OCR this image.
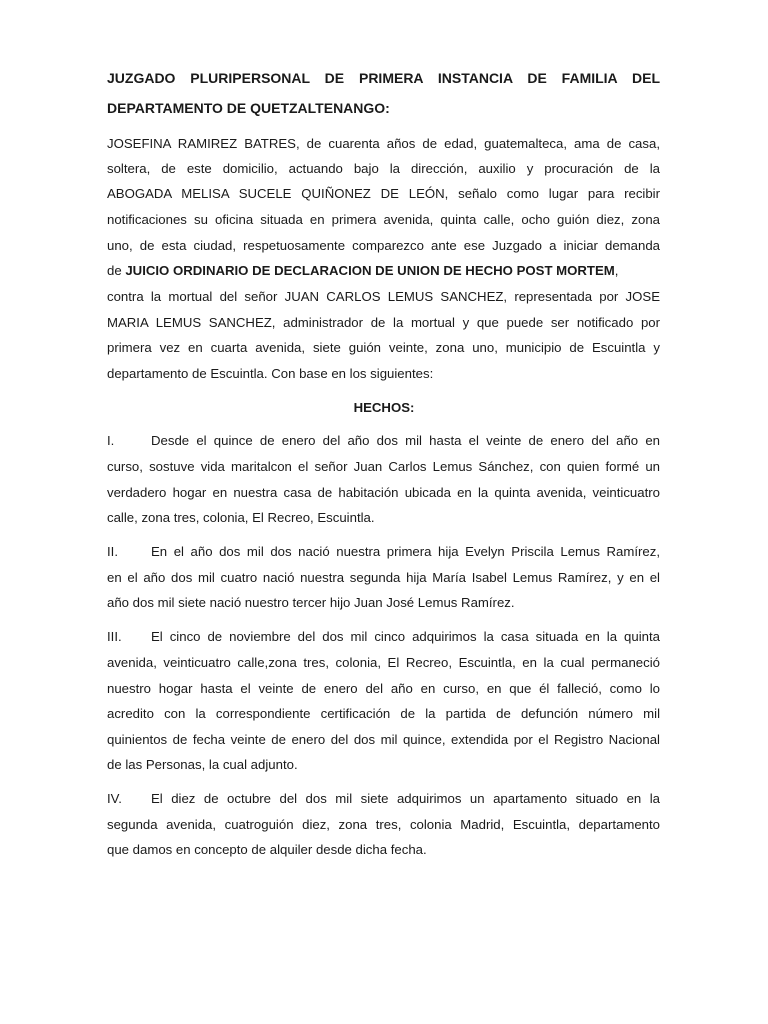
JUZGADO PLURIPERSONAL DE PRIMERA INSTANCIA DE FAMILIA DEL
DEPARTAMENTO DE QUETZALTENANGO:
JOSEFINA RAMIREZ BATRES, de cuarenta años de edad, guatemalteca, ama de casa,
soltera, de este domicilio, actuando bajo la dirección, auxilio y procuración de la
ABOGADA MELISA SUCELE QUIÑONEZ DE LEÓN, señalo como lugar para recibir
notificaciones su oficina situada en primera avenida, quinta calle, ocho guión diez, zona
uno, de esta ciudad, respetuosamente comparezco ante ese Juzgado a iniciar demanda
de JUICIO ORDINARIO DE DECLARACION DE UNION DE HECHO POST MORTEM,
contra la mortual del señor JUAN CARLOS LEMUS SANCHEZ, representada por JOSE
MARIA LEMUS SANCHEZ, administrador de la mortual y que puede ser notificado por
primera vez en cuarta avenida, siete guión veinte, zona uno, municipio de Escuintla y
departamento de Escuintla. Con base en los siguientes:
HECHOS:
I.	Desde el quince de enero del año dos mil hasta el veinte de enero del año en
curso, sostuve vida maritalcon el señor Juan Carlos Lemus Sánchez, con quien formé un
verdadero hogar en nuestra casa de habitación ubicada en la quinta avenida, veinticuatro
calle, zona tres, colonia, El Recreo, Escuintla.
II.	En el año dos mil dos nació nuestra primera hija Evelyn Priscila Lemus Ramírez,
en el año dos mil cuatro nació nuestra segunda hija María Isabel Lemus Ramírez, y en el
año dos mil siete nació nuestro tercer hijo Juan José Lemus Ramírez.
III. El cinco de noviembre del dos mil cinco adquirimos la casa situada en la quinta
avenida, veinticuatro calle,zona tres, colonia, El Recreo, Escuintla, en la cual permaneció
nuestro hogar hasta el veinte de enero del año en curso, en que él falleció, como lo
acredito con la correspondiente certificación de la partida de defunción número mil
quinientos de fecha veinte de enero del dos mil quince, extendida por el Registro Nacional
de las Personas, la cual adjunto.
IV. El diez de octubre del dos mil siete adquirimos un apartamento situado en la
segunda avenida, cuatroguión diez, zona tres, colonia Madrid, Escuintla, departamento
que damos en concepto de alquiler desde dicha fecha.
